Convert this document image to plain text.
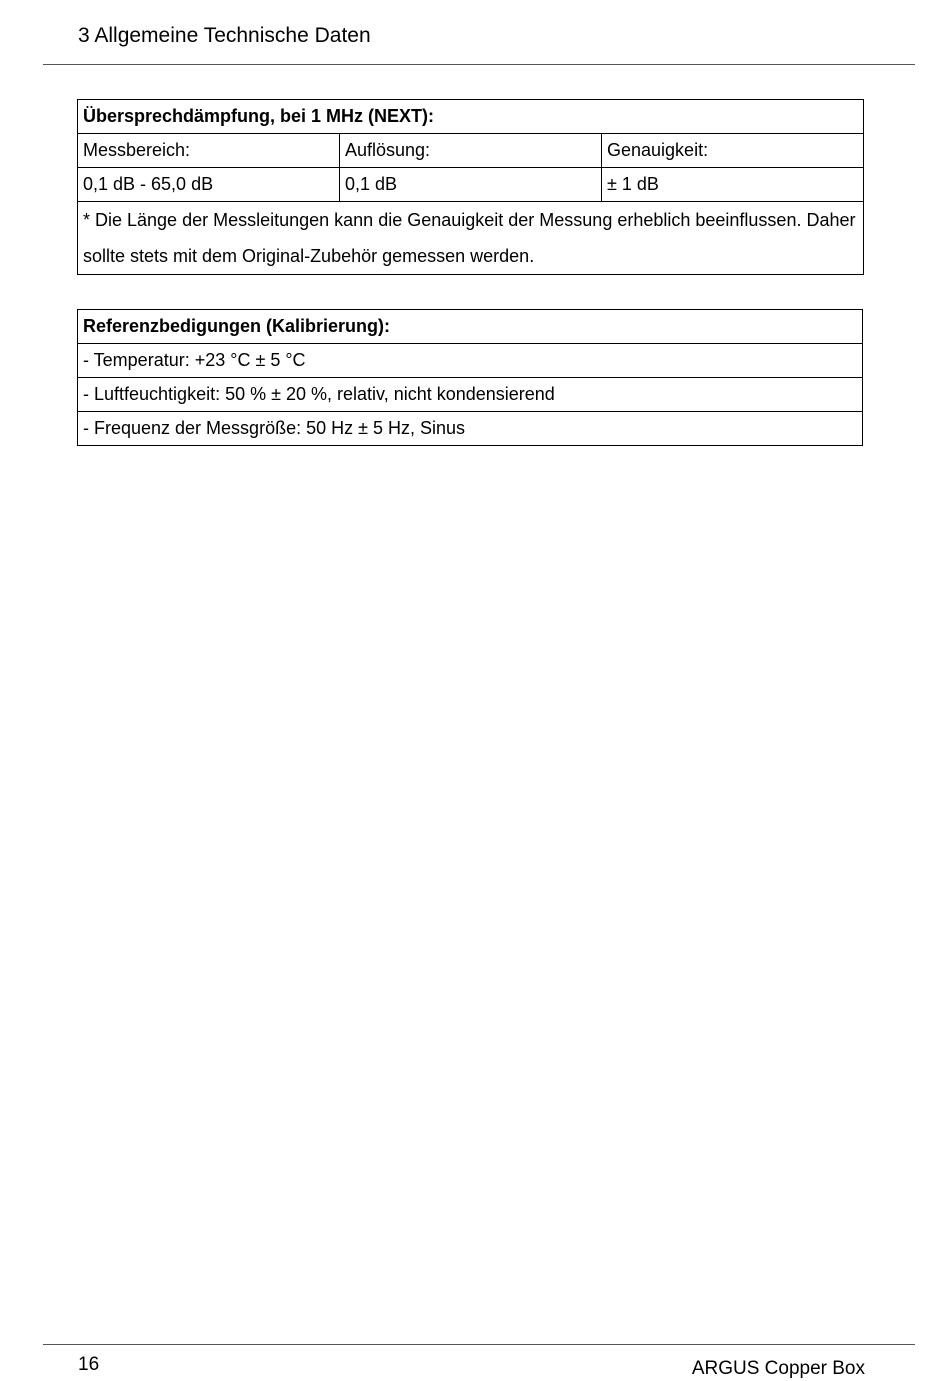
3 Allgemeine Technische Daten
Übersprechdämpfung, bei 1 MHz (NEXT):		
Messbereich:	Auflösung:	Genauigkeit:
0,1 dB - 65,0 dB	0,1 dB	± 1 dB
* Die Länge der Messleitungen kann die Genauigkeit der Messung erheblich beeinflussen. Daher sollte stets mit dem Original-Zubehör gemessen werden.		
Referenzbedigungen (Kalibrierung):
- Temperatur: +23 °C ± 5 °C
- Luftfeuchtigkeit: 50 % ± 20 %, relativ, nicht kondensierend
- Frequenz der Messgröße: 50 Hz ± 5 Hz, Sinus
16	ARGUS Copper Box
